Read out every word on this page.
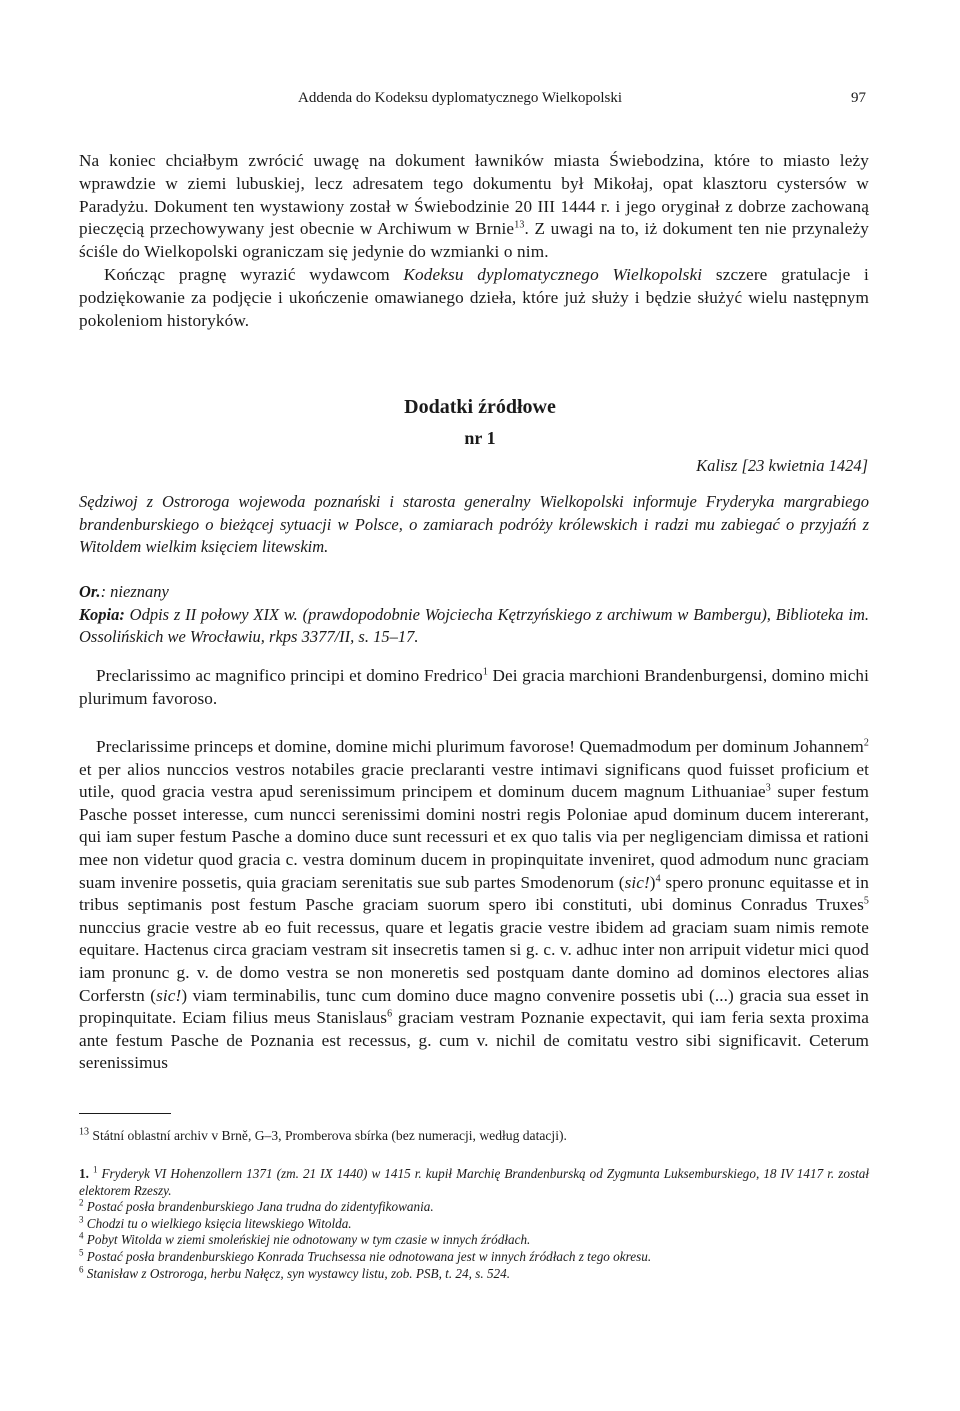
Addenda do Kodeksu dyplomatycznego Wielkopolski	97

Na koniec chciałbym zwrócić uwagę na dokument ławników miasta Świebodzina, które to miasto leży wprawdzie w ziemi lubuskiej, lecz adresatem tego dokumentu był Mikołaj, opat klasztoru cystersów w Paradyżu. Dokument ten wystawiony został w Świebodzinie 20 III 1444 r. i jego oryginał z dobrze zachowaną pieczęcią przechowywany jest obecnie w Archiwum w Brnie$^{13}$. Z uwagi na to, iż dokument ten nie przynależy ściśle do Wielkopolski ograniczam się jedynie do wzmianki o nim.

Kończąc pragnę wyrazić wydawcom Kodeksu dyplomatycznego Wielkopolski szczere gratulacje i podziękowanie za podjęcie i ukończenie omawianego dzieła, które już służy i będzie służyć wielu następnym pokoleniom historyków.

Dodatki źródłowe
nr 1
Kalisz [23 kwietnia 1424]

Sędziwoj z Ostroroga wojewoda poznański i starosta generalny Wielkopolski informuje Fryderyka margrabiego brandenburskiego o bieżącej sytuacji w Polsce, o zamiarach podróży królewskich i radzi mu zabiegać o przyjaźń z Witoldem wielkim księciem litewskim.

Or.: nieznany

Kopia: Odpis z II połowy XIX w. (prawdopodobnie Wojciecha Kętrzyńskiego z archiwum w Bambergu), Biblioteka im. Ossolińskich we Wrocławiu, rkps 3377/II, s. 15–17.

Preclarissimo ac magnifico principi et domino Fredrico$^1$ Dei gracia marchioni Brandenburgensi, domino michi plurimum favoroso.

Preclarissime princeps et domine, domine michi plurimum favorose! Quemadmodum per dominum Johannem$^2$ et per alios nunccios vestros notabiles gracie preclaranti vestre intimavi significans quod fuisset proficium et utile, quod gracia vestra apud serenissimum principem et dominum ducem magnum Lithuaniae$^3$ super festum Pasche posset interesse, cum nuncci serenissimi domini nostri regis Poloniae apud dominum ducem intererant, qui iam super festum Pasche a domino duce sunt recessuri et ex quo talis via per negligenciam dimissa et rationi mee non videtur quod gracia c. vestra dominum ducem in propinquitate inveniret, quod admodum nunc graciam suam invenire possetis, quia graciam serenitatis sue sub partes Smodenorum $(sic!)^4$ spero pronunc equitasse et in tribus septimanis post festum Pasche graciam suorum spero ibi constituti, ubi dominus Conradus Truxes$^5$ nunccius gracie vestre ab eo fuit recessus, quare et legatis gracie vestre ibidem ad graciam suam nimis remote equitare. Hactenus circa graciam vestram sit insecretis tamen si g. c. v. adhuc inter non arripuit videtur mici quod iam pronunc g. v. de domo vestra se non moneretis sed postquam dante domino ad dominos electores alias Corferstn (sic!) viam terminabilis, tunc cum domino duce magno convenire possetis ubi (...) gracia sua esset in propinquitate. Eciam filius meus Stanislaus$^6$ graciam vestram Poznanie expectavit, qui iam feria sexta proxima ante festum Pasche de Poznania est recessus, g. cum v. nichil de comitatu vestro sibi significavit. Ceterum serenissimus

$^{13}$ Státní oblastní archiv v Brně, G–3, Promberova sbírka (bez numeracji, według datacji).

1. $^1$ Fryderyk VI Hohenzollern 1371 (zm. 21 IX 1440) w 1415 r. kupił Marchię Brandenburską od Zygmunta Luksemburskiego, 18 IV 1417 r. został elektorem Rzeszy.

$^2$ Postać posła brandenburskiego Jana trudna do zidentyfikowania.

$^3$ Chodzi tu o wielkiego księcia litewskiego Witolda.

$^4$ Pobyt Witolda w ziemi smoleńskiej nie odnotowany w tym czasie w innych źródłach.

$^5$ Postać posła brandenburskiego Konrada Truchsessa nie odnotowana jest w innych źródłach z tego okresu.

$^6$ Stanisław z Ostroroga, herbu Nałęcz, syn wystawcy listu, zob. PSB, t. 24, s. 524.
